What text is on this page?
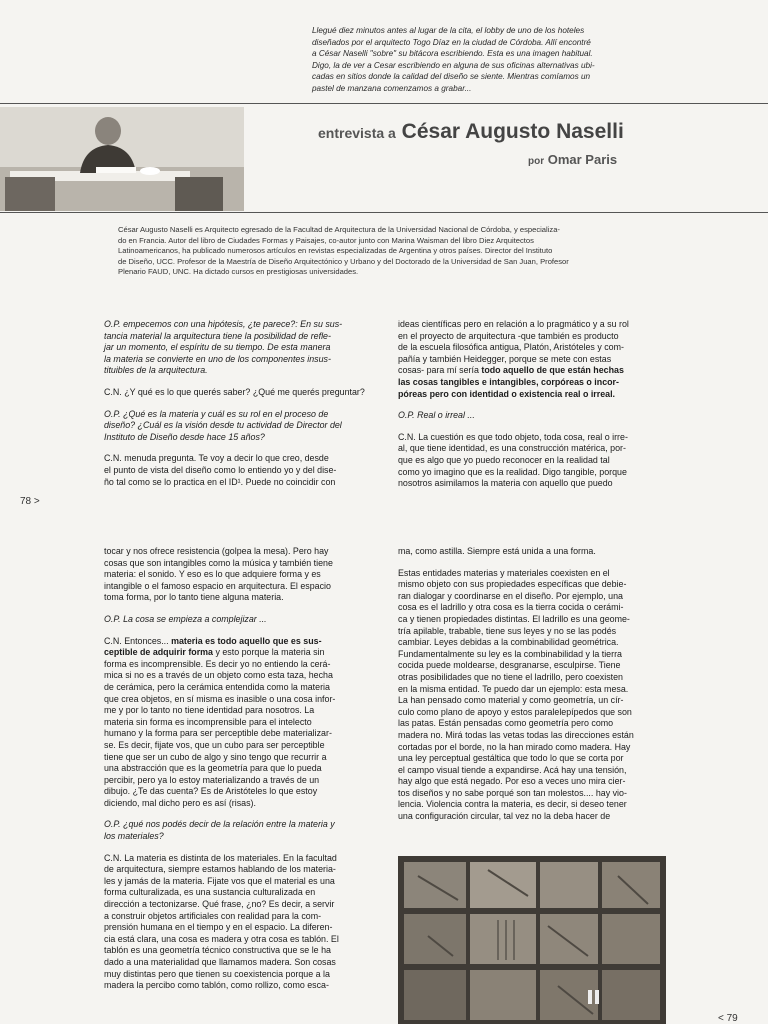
Llegué diez minutos antes al lugar de la cita, el lobby de uno de los hoteles
diseñados por el arquitecto Togo Díaz en la ciudad de Córdoba. Allí encontré
a César Naselli "sobre" su bitácora escribiendo. Esta es una imagen habitual.
Digo, la de ver a Cesar escribiendo en alguna de sus oficinas alternativas ubi-
cadas en sitios donde la calidad del diseño se siente. Mientras comíamos un
pastel de manzana comenzamos a grabar...
entrevista a César Augusto Naselli
por Omar Paris
César Augusto Naselli es Arquitecto egresado de la Facultad de Arquitectura de la Universidad Nacional de Córdoba, y especializa-
do en Francia. Autor del libro de Ciudades Formas y Paisajes, co-autor junto con Marina Waisman del libro Diez Arquitectos
Latinoamericanos, ha publicado numerosos artículos en revistas especializadas de Argentina y otros países. Director del Instituto
de Diseño, UCC. Profesor de la Maestría de Diseño Arquitectónico y Urbano y del Doctorado de la Universidad de San Juan, Profesor
Plenario FAUD, UNC. Ha dictado cursos en prestigiosas universidades.
O.P. empecemos con una hipótesis, ¿te parece?: En su sus-
tancia material la arquitectura tiene la posibilidad de refle-
jar un momento, el espíritu de su tiempo. De esta manera
la materia se convierte en uno de los componentes insus-
tituibles de la arquitectura.
C.N. ¿Y qué es lo que querés saber? ¿Qué me querés preguntar?
O.P. ¿Qué es la materia y cuál es su rol en el proceso de
diseño? ¿Cuál es la visión desde tu actividad de Director del
Instituto de Diseño desde hace 15 años?
C.N. menuda pregunta. Te voy a decir lo que creo, desde
el punto de vista del diseño como lo entiendo yo y del dise-
ño tal como se lo practica en el ID¹. Puede no coincidir con
ideas científicas pero en relación a lo pragmático y a su rol
en el proyecto de arquitectura -que también es producto
de la escuela filosófica antigua, Platón, Aristóteles y com-
pañía y también Heidegger, porque se mete con estas
cosas- para mí sería todo aquello de que están hechas
las cosas tangibles e intangibles, corpóreas o incor-
póreas pero con identidad o existencia real o irreal.
O.P. Real o irreal ...
C.N. La cuestión es que todo objeto, toda cosa, real o irre-
al, que tiene identidad, es una construcción matérica, por-
que es algo que yo puedo reconocer en la realidad tal
como yo imagino que es la realidad. Digo tangible, porque
nosotros asimilamos la materia con aquello que puedo
78 >
tocar y nos ofrece resistencia (golpea la mesa). Pero hay
cosas que son intangibles como la música y también tiene
materia: el sonido. Y eso es lo que adquiere forma y es
intangible o el famoso espacio en arquitectura. El espacio
toma forma, por lo tanto tiene alguna materia.
O.P. La cosa se empieza a complejizar ...
C.N. Entonces... materia es todo aquello que es sus-
ceptible de adquirir forma y esto porque la materia sin
forma es incomprensible. Es decir yo no entiendo la cerá-
mica si no es a través de un objeto como esta taza, hecha
de cerámica, pero la cerámica entendida como la materia
que crea objetos, en sí misma es inasible o una cosa infor-
me y por lo tanto no tiene identidad para nosotros. La
materia sin forma es incomprensible para el intelecto
humano y la forma para ser perceptible debe materializar-
se. Es decir, fijate vos, que un cubo para ser perceptible
tiene que ser un cubo de algo y sino tengo que recurrir a
una abstracción que es la geometría para que lo pueda
percibir, pero ya lo estoy materializando a través de un
dibujo. ¿Te das cuenta? Es de Aristóteles lo que estoy
diciendo, mal dicho pero es así (risas).
O.P. ¿qué nos podés decir de la relación entre la materia y
los materiales?
C.N. La materia es distinta de los materiales. En la facultad
de arquitectura, siempre estamos hablando de los materia-
les y jamás de la materia. Fijate vos que el material es una
forma culturalizada, es una sustancia culturalizada en
dirección a tectonizarse. Qué frase, ¿no? Es decir, a servir
a construir objetos artificiales con realidad para la com-
prensión humana en el tiempo y en el espacio. La diferen-
cia está clara, una cosa es madera y otra cosa es tablón. El
tablón es una geometría técnico constructiva que se le ha
dado a una materialidad que llamamos madera. Son cosas
muy distintas pero que tienen su coexistencia porque a la
madera la percibo como tablón, como rollizo, como esca-
ma, como astilla. Siempre está unida a una forma.
Estas entidades materias y materiales coexisten en el
mismo objeto con sus propiedades específicas que debie-
ran dialogar y coordinarse en el diseño. Por ejemplo, una
cosa es el ladrillo y otra cosa es la tierra cocida o cerámi-
ca y tienen propiedades distintas. El ladrillo es una geome-
tría apilable, trabable, tiene sus leyes y no se las podés
cambiar. Leyes debidas a la combinabilidad geométrica.
Fundamentalmente su ley es la combinabilidad y la tierra
cocida puede moldearse, desgranarse, esculpirse. Tiene
otras posibilidades que no tiene el ladrillo, pero coexisten
en la misma entidad. Te puedo dar un ejemplo: esta mesa.
La han pensado como material y como geometría, un cír-
culo como plano de apoyo y estos paralelepípedos que son
las patas. Están pensadas como geometría pero como
madera no. Mirá todas las vetas todas las direcciones están
cortadas por el borde, no la han mirado como madera. Hay
una ley perceptual gestáltica que todo lo que se corta por
el campo visual tiende a expandirse. Acá hay una tensión,
hay algo que está negado. Por eso a veces uno mira cier-
tos diseños y no sabe porqué son tan molestos.... hay vio-
lencia. Violencia contra la materia, es decir, si deseo tener
una configuración circular, tal vez no la deba hacer de
< 79
